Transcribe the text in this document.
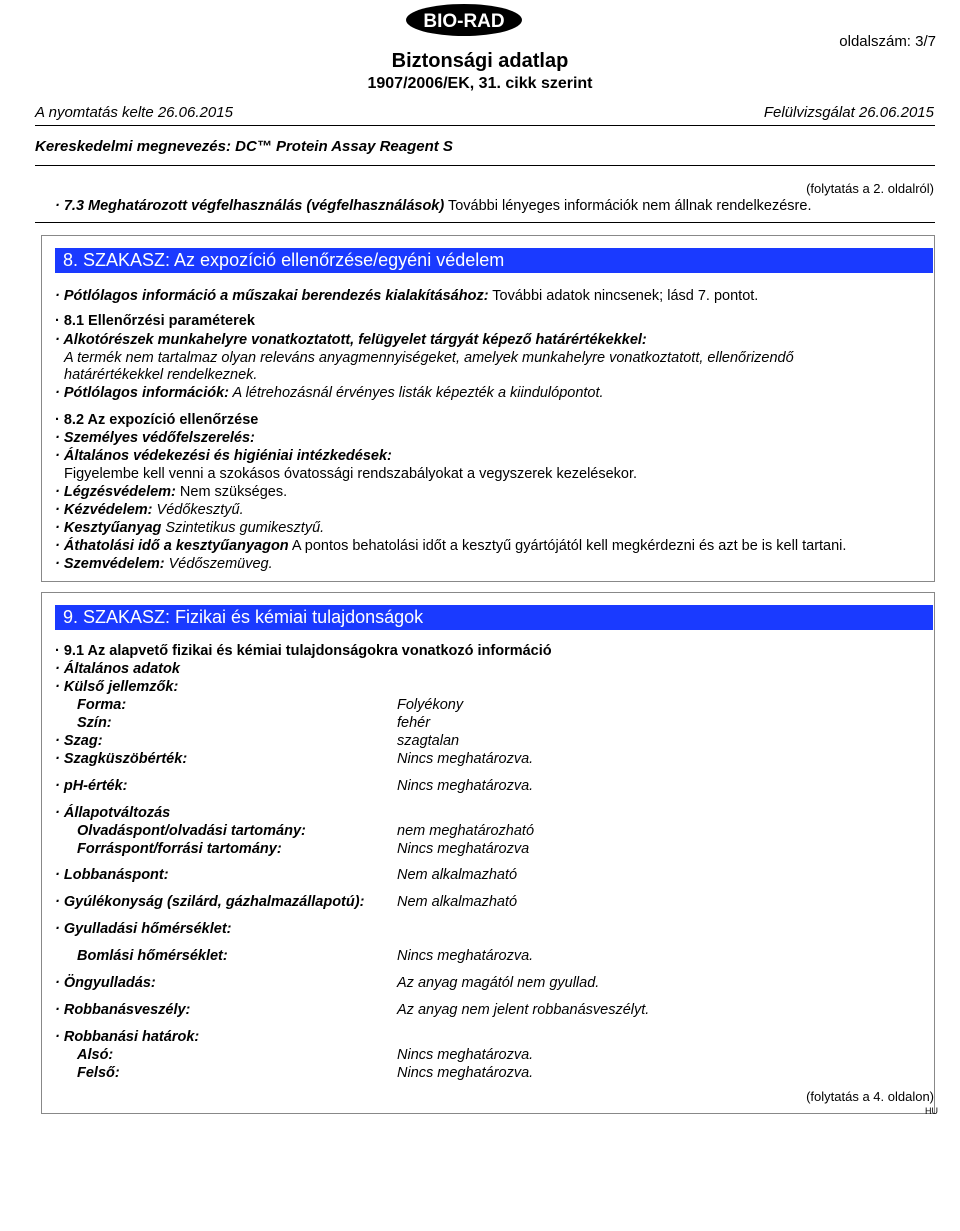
BIO-RAD
oldalszám: 3/7
Biztonsági adatlap
1907/2006/EK, 31. cikk szerint
A nyomtatás kelte 26.06.2015	Felülvizsgálat 26.06.2015
Kereskedelmi megnevezés: DC™ Protein Assay Reagent S
(folytatás a 2. oldalról)
· 7.3 Meghatározott végfelhasználás (végfelhasználások) További lényeges információk nem állnak rendelkezésre.
8. SZAKASZ: Az expozíció ellenőrzése/egyéni védelem
· Pótlólagos információ a műszakai berendezés kialakításához: További adatok nincsenek; lásd 7. pontot.
· 8.1 Ellenőrzési paraméterek
· Alkotórészek munkahelyre vonatkoztatott, felügyelet tárgyát képező határértékekkel:
A termék nem tartalmaz olyan releváns anyagmennyiségeket, amelyek munkahelyre vonatkoztatott, ellenőrizendő
határértékekkel rendelkeznek.
· Pótlólagos információk: A létrehozásnál érvényes listák képezték a kiindulópontot.
· 8.2 Az expozíció ellenőrzése
· Személyes védőfelszerelés:
· Általános védekezési és higiéniai intézkedések:
Figyelembe kell venni a szokásos óvatossági rendszabályokat a vegyszerek kezelésekor.
· Légzésvédelem: Nem szükséges.
· Kézvédelem: Védőkesztyű.
· Kesztyűanyag Szintetikus gumikesztyű.
· Áthatolási idő a kesztyűanyagon A pontos behatolási időt a kesztyű gyártójától kell megkérdezni és azt be is kell tartani.
· Szemvédelem: Védőszemüveg.
9. SZAKASZ: Fizikai és kémiai tulajdonságok
· 9.1 Az alapvető fizikai és kémiai tulajdonságokra vonatkozó információ
· Általános adatok
· Külső jellemzők:
Forma:	Folyékony
Szín:	fehér
· Szag:	szagtalan
· Szagküszöbérték:	Nincs meghatározva.
· pH-érték:	Nincs meghatározva.
· Állapotváltozás
Olvadáspont/olvadási tartomány:	nem meghatározható
Forráspont/forrási tartomány:	Nincs meghatározva
· Lobbanáspont:	Nem alkalmazható
· Gyúlékonyság (szilárd, gázhalmazállapotú): Nem alkalmazható
· Gyulladási hőmérséklet:
Bomlási hőmérséklet:	Nincs meghatározva.
· Öngyulladás:	Az anyag magától nem gyullad.
· Robbanásveszély:	Az anyag nem jelent robbanásveszélyt.
· Robbanási határok:
Alsó:	Nincs meghatározva.
Felső:	Nincs meghatározva.
(folytatás a 4. oldalon)
HU
